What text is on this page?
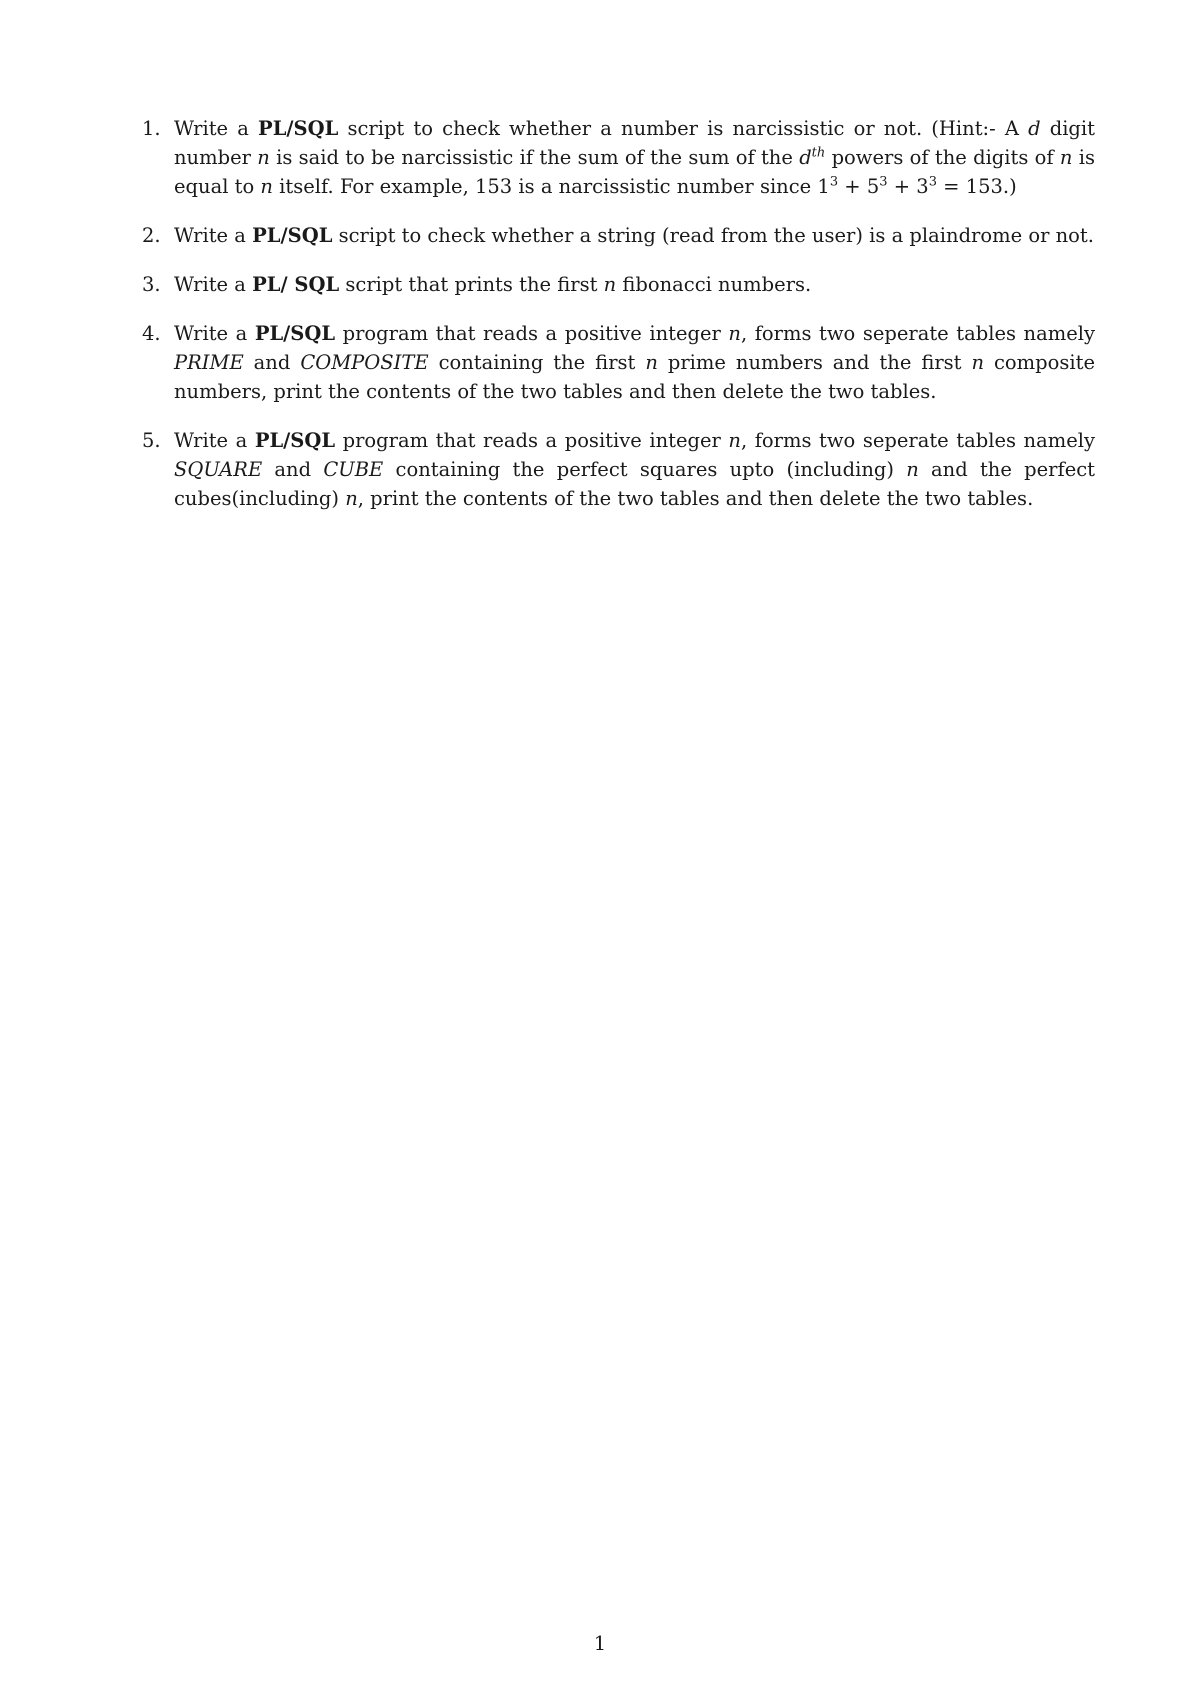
1. Write a PL/SQL script to check whether a number is narcissistic or not. (Hint:- A d digit number n is said to be narcissistic if the sum of the sum of the $d^{th}$ powers of the digits of n is equal to n itself. For example, 153 is a narcissistic number since $1^3 + 5^3 + 3^3 = 153$.)
2. Write a PL/SQL script to check whether a string (read from the user) is a plaindrome or not.
3. Write a PL/ SQL script that prints the first n fibonacci numbers.
4. Write a PL/SQL program that reads a positive integer n, forms two seperate tables namely PRIME and COMPOSITE containing the first n prime numbers and the first n composite numbers, print the contents of the two tables and then delete the two tables.
5. Write a PL/SQL program that reads a positive integer n, forms two seperate tables namely SQUARE and CUBE containing the perfect squares upto (including) n and the perfect cubes(including) n, print the contents of the two tables and then delete the two tables.
1
